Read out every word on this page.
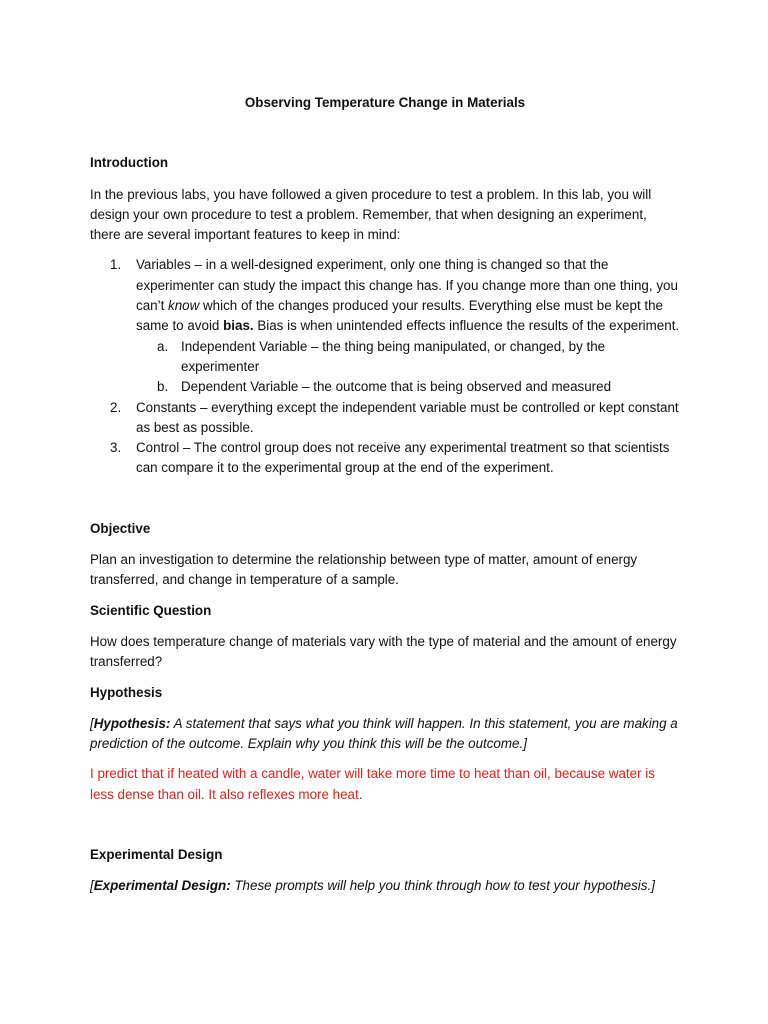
Observing Temperature Change in Materials

Introduction

In the previous labs, you have followed a given procedure to test a problem. In this lab, you will design your own procedure to test a problem. Remember, that when designing an experiment, there are several important features to keep in mind:

1. Variables – in a well-designed experiment, only one thing is changed so that the experimenter can study the impact this change has. If you change more than one thing, you can’t know which of the changes produced your results. Everything else must be kept the same to avoid bias. Bias is when unintended effects influence the results of the experiment.
a. Independent Variable – the thing being manipulated, or changed, by the experimenter
b. Dependent Variable – the outcome that is being observed and measured
2. Constants – everything except the independent variable must be controlled or kept constant as best as possible.
3. Control – The control group does not receive any experimental treatment so that scientists can compare it to the experimental group at the end of the experiment.

Objective

Plan an investigation to determine the relationship between type of matter, amount of energy transferred, and change in temperature of a sample.

Scientific Question

How does temperature change of materials vary with the type of material and the amount of energy transferred?

Hypothesis

[Hypothesis: A statement that says what you think will happen. In this statement, you are making a prediction of the outcome. Explain why you think this will be the outcome.]

I predict that if heated with a candle, water will take more time to heat than oil, because water is less dense than oil. It also reflexes more heat.

Experimental Design

[Experimental Design: These prompts will help you think through how to test your hypothesis.]
